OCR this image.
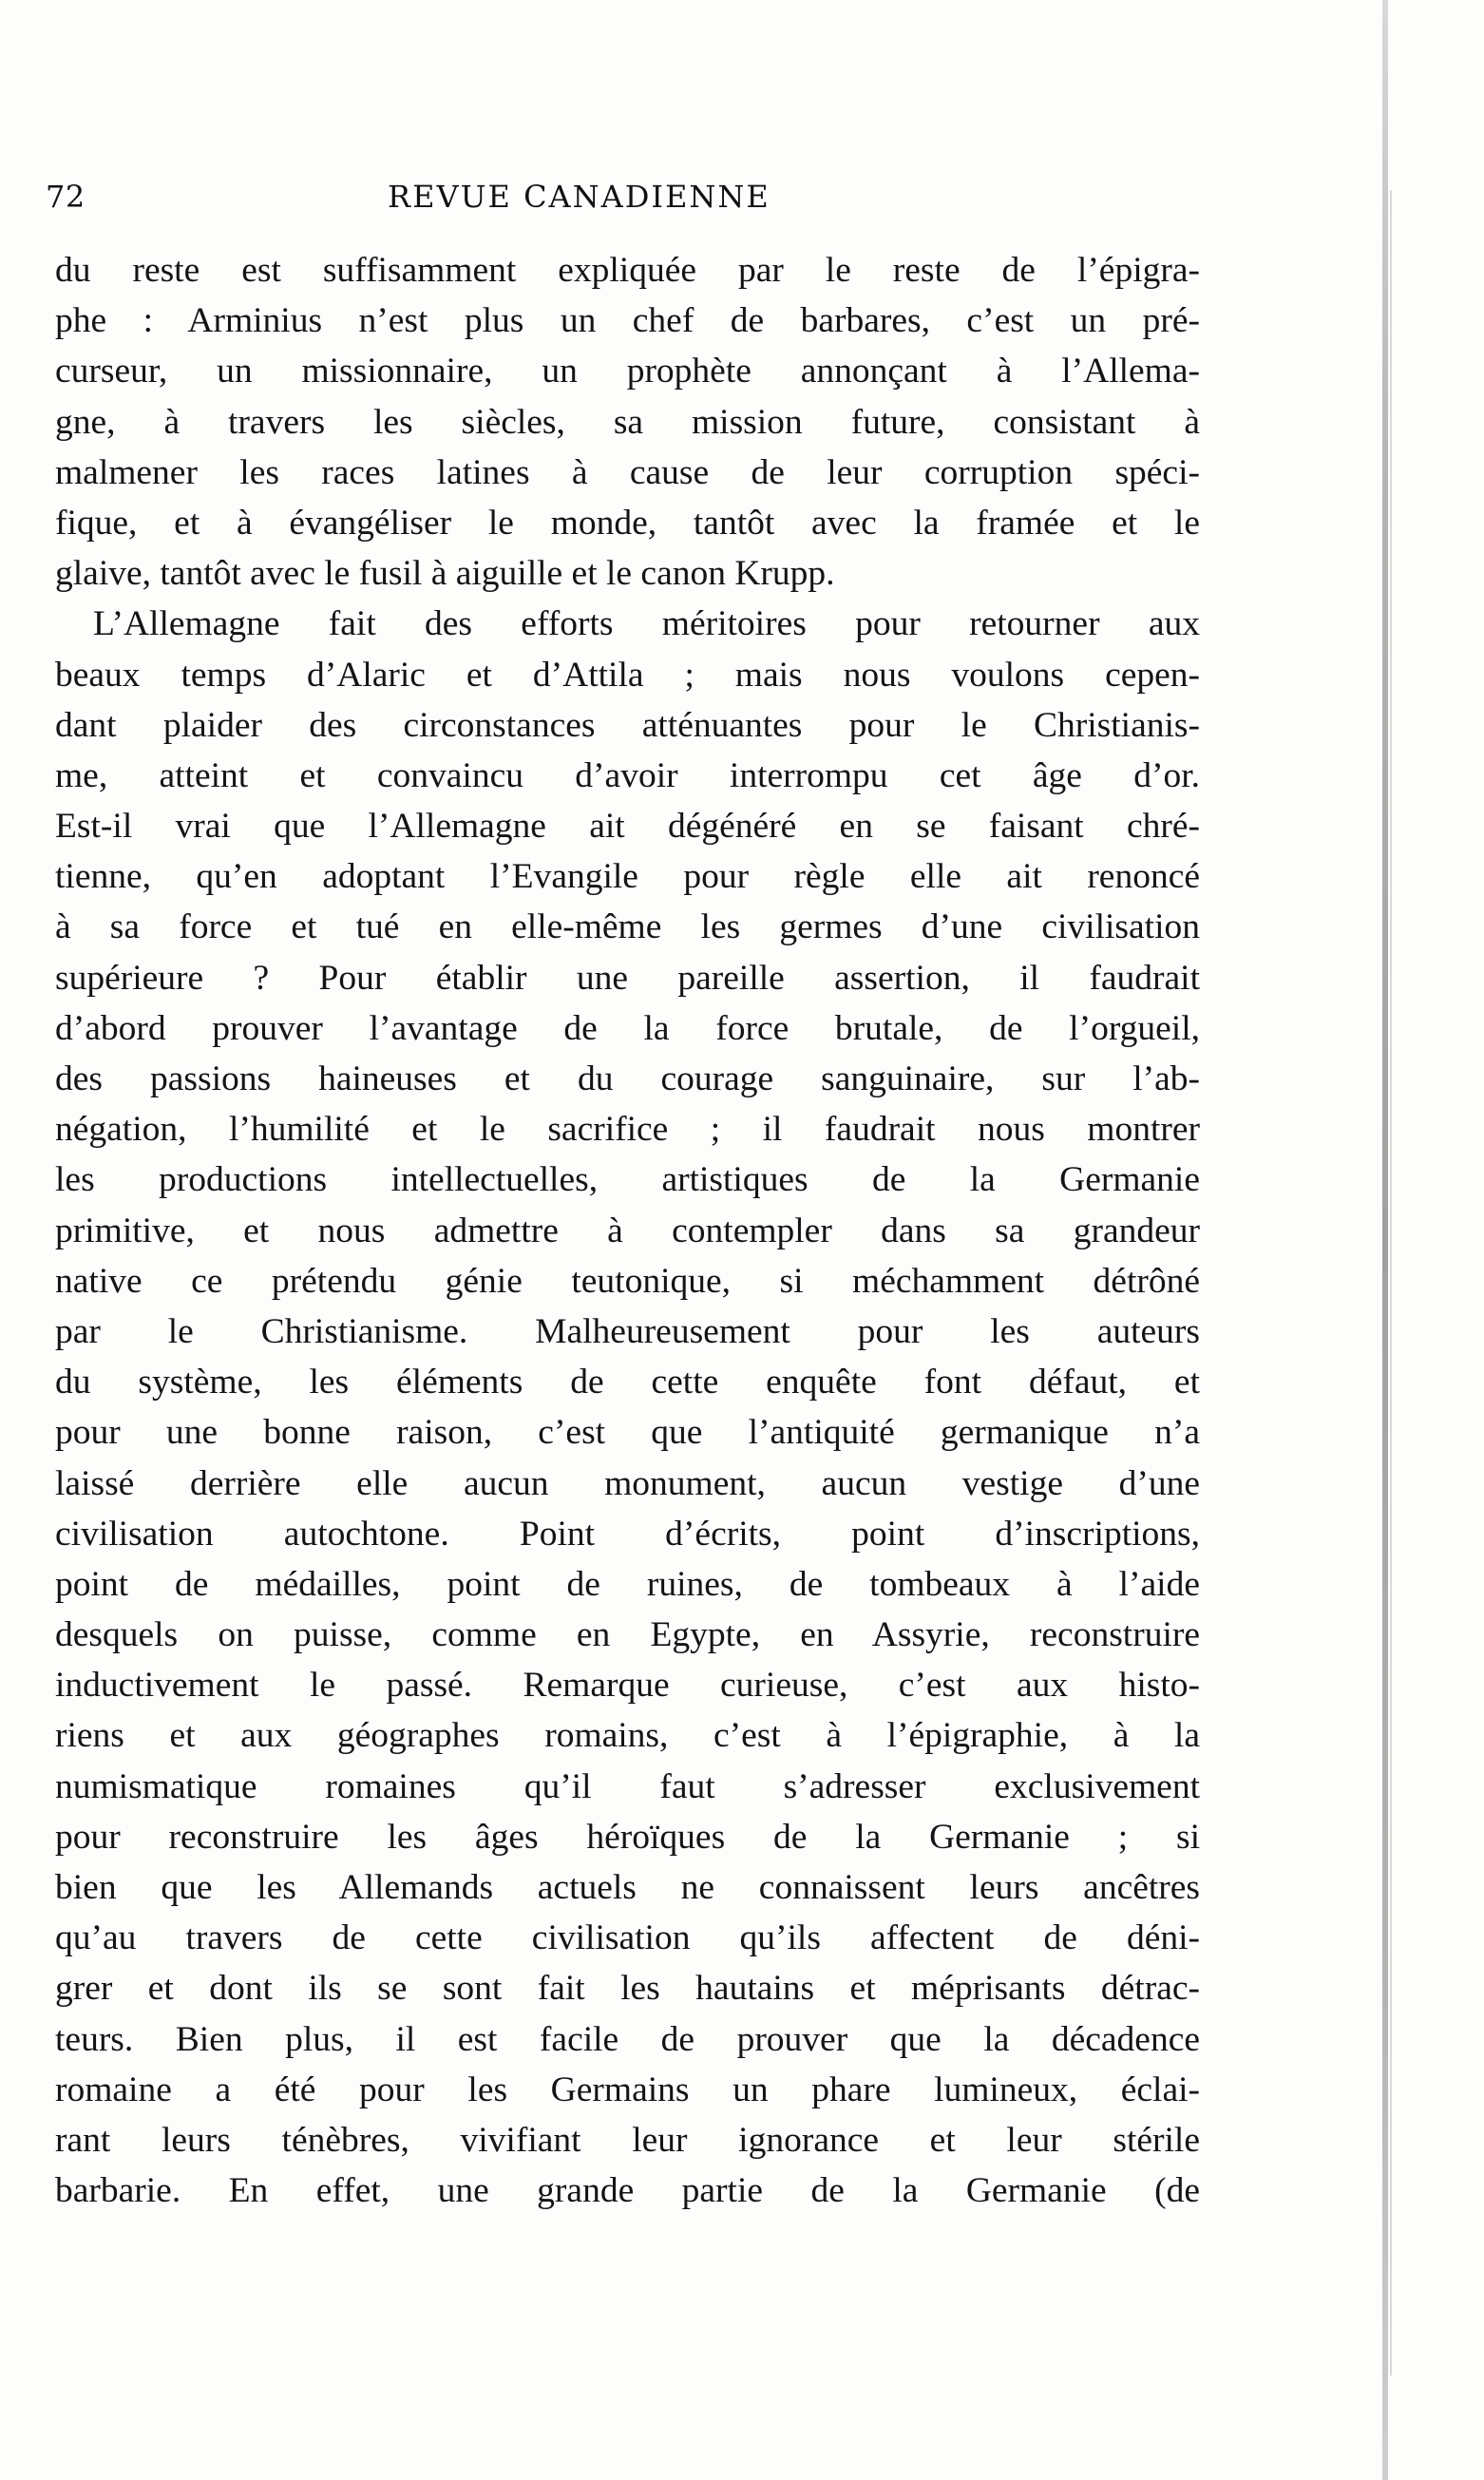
72	REVUE CANADIENNE
du reste est suffisamment expliquée par le reste de l’épigra-
phe : Arminius n’est plus un chef de barbares, c’est un pré-
curseur, un missionnaire, un prophète annonçant à l’Allema-
gne, à travers les siècles, sa mission future, consistant à
malmener les races latines à cause de leur corruption spéci-
fique, et à évangéliser le monde, tantôt avec la framée et le
glaive, tantôt avec le fusil à aiguille et le canon Krupp.
L’Allemagne fait des efforts méritoires pour retourner aux
beaux temps d’Alaric et d’Attila ; mais nous voulons cepen-
dant plaider des circonstances atténuantes pour le Christianis-
me, atteint et convaincu d’avoir interrompu cet âge d’or.
Est-il vrai que l’Allemagne ait dégénéré en se faisant chré-
tienne, qu’en adoptant l’Evangile pour règle elle ait renoncé
à sa force et tué en elle-même les germes d’une civilisation
supérieure ? Pour établir une pareille assertion, il faudrait
d’abord prouver l’avantage de la force brutale, de l’orgueil,
des passions haineuses et du courage sanguinaire, sur l’ab-
négation, l’humilité et le sacrifice ; il faudrait nous montrer
les productions intellectuelles, artistiques de la Germanie
primitive, et nous admettre à contempler dans sa grandeur
native ce prétendu génie teutonique, si méchamment détrôné
par le Christianisme. Malheureusement pour les auteurs
du système, les éléments de cette enquête font défaut, et
pour une bonne raison, c’est que l’antiquité germanique n’a
laissé derrière elle aucun monument, aucun vestige d’une
civilisation autochtone. Point d’écrits, point d’inscriptions,
point de médailles, point de ruines, de tombeaux à l’aide
desquels on puisse, comme en Egypte, en Assyrie, reconstruire
inductivement le passé. Remarque curieuse, c’est aux histo-
riens et aux géographes romains, c’est à l’épigraphie, à la
numismatique romaines qu’il faut s’adresser exclusivement
pour reconstruire les âges héroïques de la Germanie ; si
bien que les Allemands actuels ne connaissent leurs ancêtres
qu’au travers de cette civilisation qu’ils affectent de déni-
grer et dont ils se sont fait les hautains et méprisants détrac-
teurs. Bien plus, il est facile de prouver que la décadence
romaine a été pour les Germains un phare lumineux, éclai-
rant leurs ténèbres, vivifiant leur ignorance et leur stérile
barbarie. En effet, une grande partie de la Germanie (de
